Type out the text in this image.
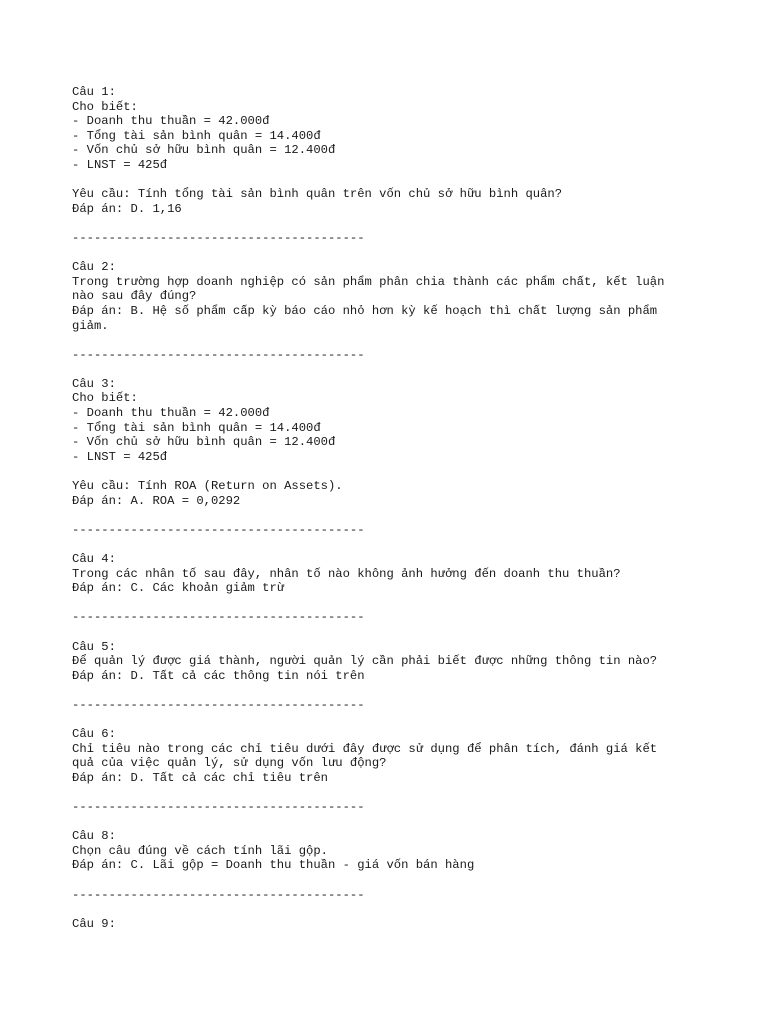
Câu 1:
Cho biết:
- Doanh thu thuần = 42.000đ
- Tổng tài sản bình quân = 14.400đ
- Vốn chủ sở hữu bình quân = 12.400đ
- LNST = 425đ
Yêu cầu: Tính tổng tài sản bình quân trên vốn chủ sở hữu bình quân?
Đáp án: D. 1,16
----------------------------------------
Câu 2:
Trong trường hợp doanh nghiệp có sản phẩm phân chia thành các phẩm chất, kết luận
nào sau đây đúng?
Đáp án: B. Hệ số phẩm cấp kỳ báo cáo nhỏ hơn kỳ kế hoạch thì chất lượng sản phẩm
giảm.
----------------------------------------
Câu 3:
Cho biết:
- Doanh thu thuần = 42.000đ
- Tổng tài sản bình quân = 14.400đ
- Vốn chủ sở hữu bình quân = 12.400đ
- LNST = 425đ
Yêu cầu: Tính ROA (Return on Assets).
Đáp án: A. ROA = 0,0292
----------------------------------------
Câu 4:
Trong các nhân tố sau đây, nhân tố nào không ảnh hưởng đến doanh thu thuần?
Đáp án: C. Các khoản giảm trừ
----------------------------------------
Câu 5:
Để quản lý được giá thành, người quản lý cần phải biết được những thông tin nào?
Đáp án: D. Tất cả các thông tin nói trên
----------------------------------------
Câu 6:
Chỉ tiêu nào trong các chỉ tiêu dưới đây được sử dụng để phân tích, đánh giá kết
quả của việc quản lý, sử dụng vốn lưu động?
Đáp án: D. Tất cả các chỉ tiêu trên
----------------------------------------
Câu 8:
Chọn câu đúng về cách tính lãi gộp.
Đáp án: C. Lãi gộp = Doanh thu thuần - giá vốn bán hàng
----------------------------------------
Câu 9:
